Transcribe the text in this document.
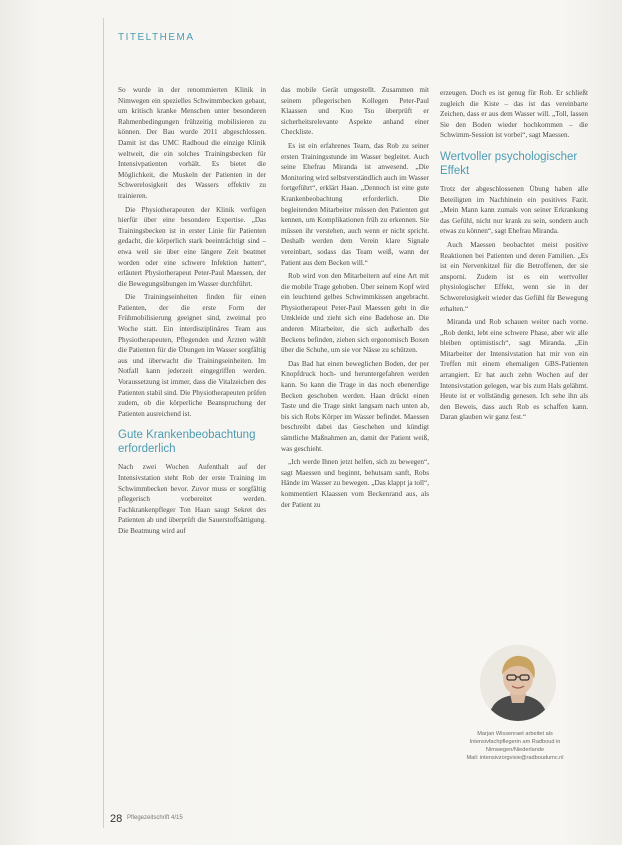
TITELTHEMA

So wurde in der renommierten Klinik in Nimwegen ein spezielles Schwimmbecken gebaut, um kritisch kranke Menschen unter besonderen Rahmenbedingungen frühzeitig mobilisieren zu können. Der Bau wurde 2011 abgeschlossen. Damit ist das UMC Radboud die einzige Klinik weltweit, die ein solches Trainingsbecken für Intensivpatienten vorhält. Es bietet die Möglichkeit, die Muskeln der Patienten in der Schwerelosigkeit des Wassers effektiv zu trainieren.

Die Physiotherapeuten der Klinik verfügen hierfür über eine besondere Expertise. „Das Trainingsbecken ist in erster Linie für Patienten gedacht, die körperlich stark beeinträchtigt sind – etwa weil sie über eine längere Zeit beatmet worden oder eine schwere Infektion hatten“, erläutert Physiotherapeut Peter-Paul Maessen, der die Bewegungsübungen im Wasser durchführt.

Die Trainingseinheiten finden für einen Patienten, der die erste Form der Frühmobilisierung geeignet sind, zweimal pro Woche statt. Ein interdisziplinäres Team aus Physiotherapeuten, Pflegenden und Ärzten wählt die Patienten für die Übungen im Wasser sorgfältig aus und überwacht die Trainingseinheiten. Im Notfall kann jederzeit eingegriffen werden. Voraussetzung ist immer, dass die Vitalzeichen des Patienten stabil sind. Die Physiotherapeuten prüfen zudem, ob die körperliche Beanspruchung der Patienten ausreichend ist.

Gute Krankenbeobachtung erforderlich

Nach zwei Wochen Aufenthalt auf der Intensivstation steht Rob der erste Training im Schwimmbecken bevor. Zuvor muss er sorgfältig pflegerisch vorbereitet werden. Fachkrankenpfleger Ton Haan saugt Sekret des Patienten ab und überprüft die Sauerstoffsättigung. Die Beatmung wird auf

das mobile Gerät umgestellt. Zusammen mit seinem pflegerischen Kollegen Peter-Paul Klaassen und Kuo Tsu überprüft er sicherheitsrelevante Aspekte anhand einer Checkliste.

Es ist ein erfahrenes Team, das Rob zu seiner ersten Trainingsstunde im Wasser begleitet. Auch seine Ehefrau Miranda ist anwesend. „Die Monitoring wird selbstverständlich auch im Wasser fortgeführt“, erklärt Haan. „Dennoch ist eine gute Krankenbeobachtung erforderlich. Die begleitenden Mitarbeiter müssen den Patienten gut kennen, um Komplikationen früh zu erkennen. Sie müssen ihr verstehen, auch wenn er nicht spricht. Deshalb werden dem Verein klare Signale vereinbart, sodass das Team weiß, wann der Patient aus dem Becken will.“

Rob wird von den Mitarbeitern auf eine Art mit die mobile Trage gehoben. Über seinem Kopf wird ein leuchtend gelbes Schwimmkissen angebracht. Physiotherapeut Peter-Paul Maessen geht in die Umkleide und zieht sich eine Badehose an. Die anderen Mitarbeiter, die sich außerhalb des Beckens befinden, ziehen sich ergonomisch Boxen über die Schuhe, um sie vor Nässe zu schützen.

Das Bad hat einen beweglichen Boden, der per Knopfdruck hoch- und heruntergefahren werden kann. So kann die Trage in das noch ebenerdige Becken geschoben werden. Haan drückt einen Taste und die Trage sinkt langsam nach unten ab, bis sich Robs Körper im Wasser befindet. Maessen beschreibt dabei das Geschehen und kündigt sämtliche Maßnahmen an, damit der Patient weiß, was geschieht.

„Ich werde Ihnen jetzt helfen, sich zu bewegen“, sagt Maessen und beginnt, behutsam sanft, Robs Hände im Wasser zu bewegen. „Das klappt ja toll“, kommentiert Klaassen vom Beckenrand aus, als der Patient zu

erzeugen. Doch es ist genug für Rob. Er schließt zugleich die Kiste – das ist das vereinbarte Zeichen, dass er aus dem Wasser will. „Toll, lassen Sie den Boden wieder hochkommen – die Schwimm-Session ist vorbei“, sagt Maessen.

Wertvoller psychologischer Effekt

Trotz der abgeschlossenen Übung haben alle Beteiligten im Nachhinein ein positives Fazit. „Mein Mann kann zumals von seiner Erkrankung das Gefühl, nicht nur krank zu sein, sondern auch etwas zu können“, sagt Ehefrau Miranda.

Auch Maessen beobachtet meist positive Reaktionen bei Patienten und deren Familien. „Es ist ein Nervenkitzel für die Betroffenen, der sie ansporni. Zudem ist es ein wertvoller physiologischer Effekt, wenn sie in der Schwerelosigkeit wieder das Gefühl für Bewegung erhalten.“

Miranda und Rob schauen weiter nach vorne. „Rob denkt, lebt eine schwere Phase, aber wir alle bleiben optimistisch“, sagt Miranda. „Ein Mitarbeiter der Intensivstation hat mir von ein Treffen mit einem ehemaligen GBS-Patienten arrangiert. Er hat auch zehn Wochen auf der Intensivstation gelegen, war bis zum Hals gelähmt. Heute ist er vollständig genesen. Ich sehe ihn als den Beweis, dass auch Rob es schaffen kann. Daran glauben wir ganz fest.“

Marjan Wissenraet arbeitet als
Intensivfachpflegerin am Radboud in
Nimwegen/Niederlande
Mail: intensivzorgvisie@radboudumc.nl
28 Pflegezeitschrift 4/15
